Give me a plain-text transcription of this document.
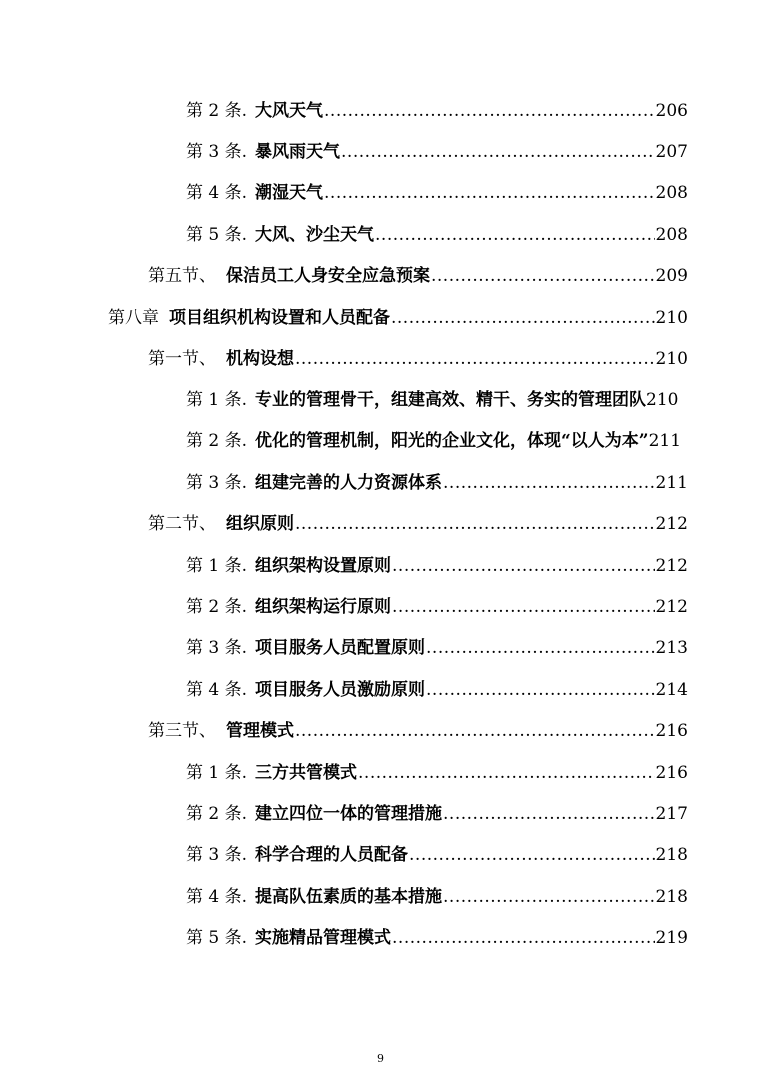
第 2 条. 大风天气 .....	206
第 3 条. 暴风雨天气 .....	207
第 4 条. 潮湿天气 .....	208
第 5 条. 大风、沙尘天气 .....	208
第五节、 保洁员工人身安全应急预案 .....	209
第八章 项目组织机构设置和人员配备 .....	210
第一节、 机构设想 .....	210
第 1 条. 专业的管理骨干，组建高效、精干、务实的管理团队 210
第 2 条. 优化的管理机制，阳光的企业文化，体现“以人为本” 211
第 3 条. 组建完善的人力资源体系 .....	211
第二节、 组织原则 .....	212
第 1 条. 组织架构设置原则 .....	212
第 2 条. 组织架构运行原则 .....	212
第 3 条. 项目服务人员配置原则 .....	213
第 4 条. 项目服务人员激励原则 .....	214
第三节、 管理模式 .....	216
第 1 条. 三方共管模式 .....	216
第 2 条. 建立四位一体的管理措施 .....	217
第 3 条. 科学合理的人员配备 .....	218
第 4 条. 提高队伍素质的基本措施 .....	218
第 5 条. 实施精品管理模式 .....	219
9
